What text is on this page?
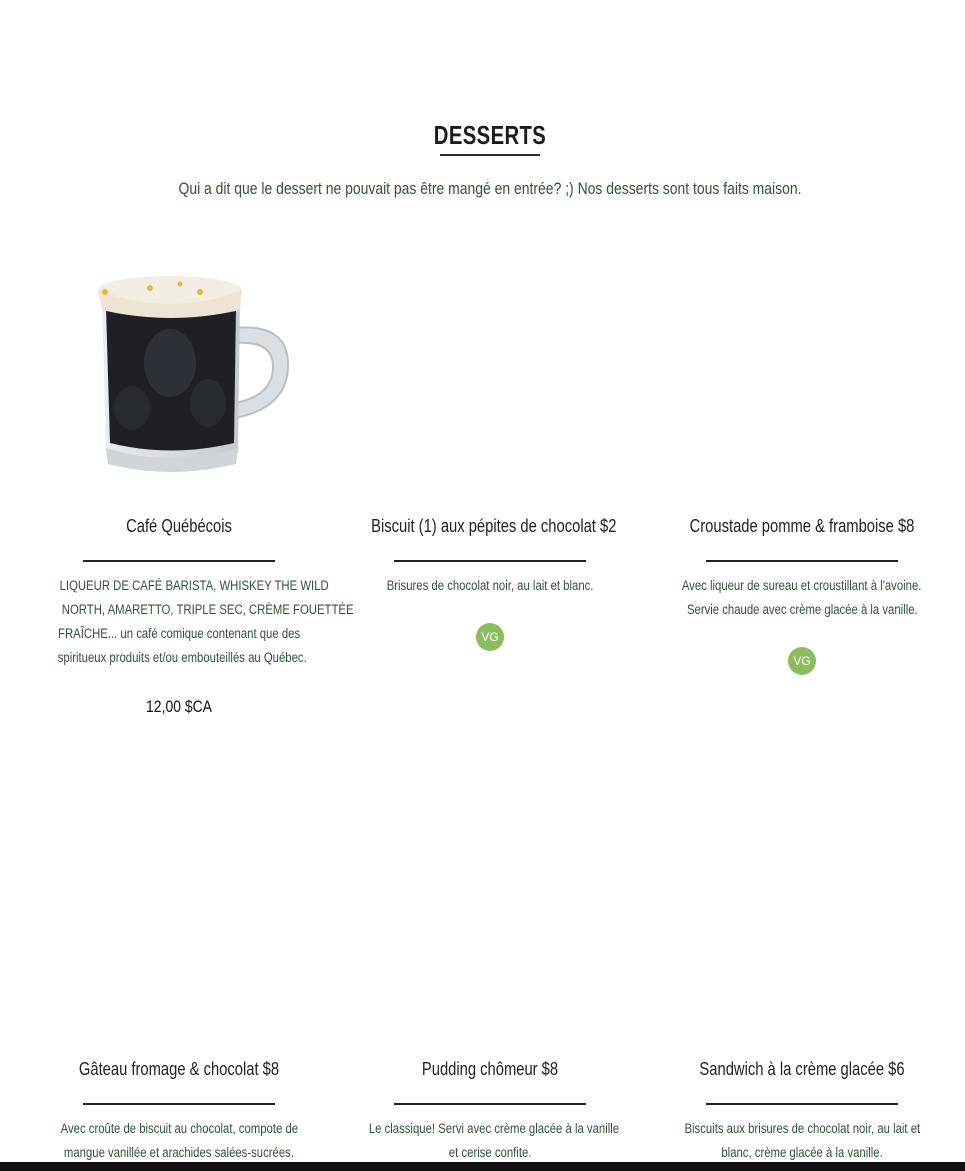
DESSERTS

Qui a dit que le dessert ne pouvait pas être mangé en entrée? ;) Nos desserts sont tous faits maison.

Café Québécois
LIQUEUR DE CAFÉ BARISTA, WHISKEY THE WILD
NORTH, AMARETTO, TRIPLE SEC, CRÈME FOUETTÉE
FRAÎCHE... un café comique contenant que des
spiritueux produits et/ou embouteillés au Québec.
12,00 $CA
Biscuit (1) aux pépites de chocolat $2
Brisures de chocolat noir, au lait et blanc.
VG
Croustade pomme & framboise $8
Avec liqueur de sureau et croustillant à l'avoine.
Servie chaude avec crème glacée à la vanille.
VG
Gâteau fromage & chocolat $8
Avec croûte de biscuit au chocolat, compote de
mangue vanillée et arachides salées-sucrées.
Pudding chômeur $8
Le classique! Servi avec crème glacée à la vanille
et cerise confite.
Sandwich à la crème glacée $6
Biscuits aux brisures de chocolat noir, au lait et
blanc, crème glacée à la vanille.
